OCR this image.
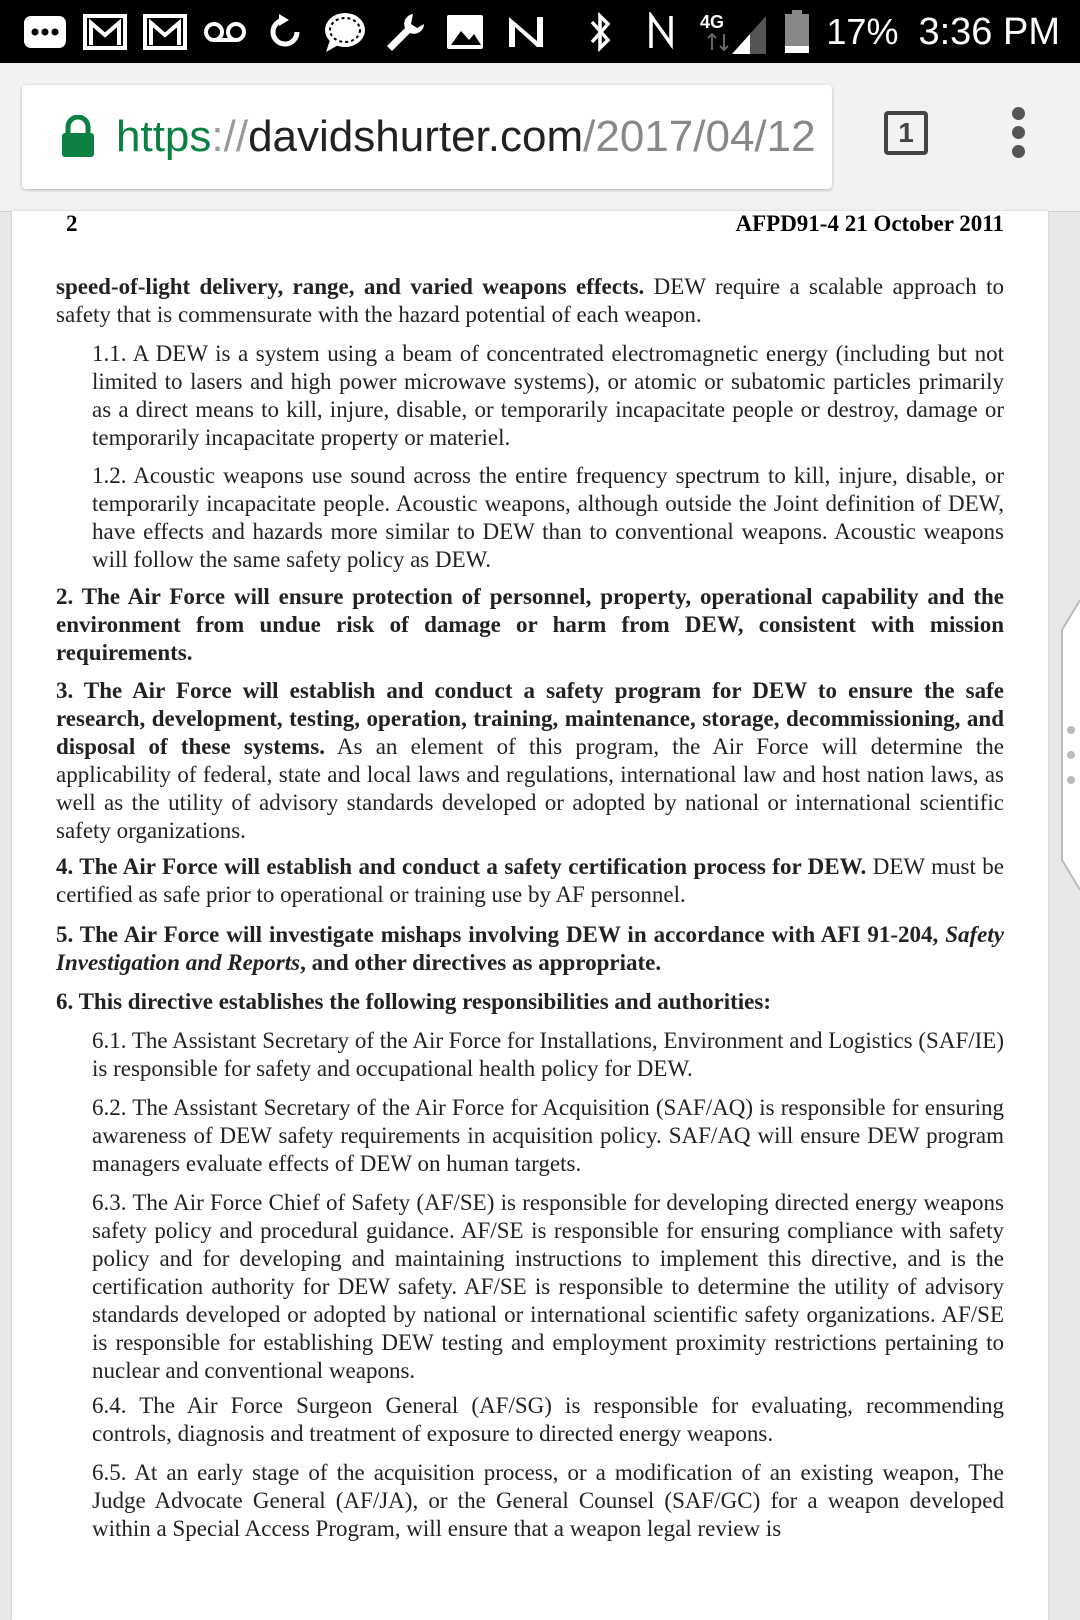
4G	17% 3:36 PM
https://davidshurter.com/2017/04/12	1
2	AFPD91-4 21 October 2011

speed-of-light delivery, range, and varied weapons effects. DEW require a scalable approach to safety that is commensurate with the hazard potential of each weapon.

1.1. A DEW is a system using a beam of concentrated electromagnetic energy (including but not limited to lasers and high power microwave systems), or atomic or subatomic particles primarily as a direct means to kill, injure, disable, or temporarily incapacitate people or destroy, damage or temporarily incapacitate property or materiel.

1.2. Acoustic weapons use sound across the entire frequency spectrum to kill, injure, disable, or temporarily incapacitate people. Acoustic weapons, although outside the Joint definition of DEW, have effects and hazards more similar to DEW than to conventional weapons. Acoustic weapons will follow the same safety policy as DEW.

2. The Air Force will ensure protection of personnel, property, operational capability and the environment from undue risk of damage or harm from DEW, consistent with mission requirements.

3. The Air Force will establish and conduct a safety program for DEW to ensure the safe research, development, testing, operation, training, maintenance, storage, decommissioning, and disposal of these systems. As an element of this program, the Air Force will determine the applicability of federal, state and local laws and regulations, international law and host nation laws, as well as the utility of advisory standards developed or adopted by national or international scientific safety organizations.

4. The Air Force will establish and conduct a safety certification process for DEW. DEW must be certified as safe prior to operational or training use by AF personnel.

5. The Air Force will investigate mishaps involving DEW in accordance with AFI 91-204, Safety Investigation and Reports, and other directives as appropriate.

6. This directive establishes the following responsibilities and authorities:

6.1. The Assistant Secretary of the Air Force for Installations, Environment and Logistics (SAF/IE) is responsible for safety and occupational health policy for DEW.

6.2. The Assistant Secretary of the Air Force for Acquisition (SAF/AQ) is responsible for ensuring awareness of DEW safety requirements in acquisition policy. SAF/AQ will ensure DEW program managers evaluate effects of DEW on human targets.

6.3. The Air Force Chief of Safety (AF/SE) is responsible for developing directed energy weapons safety policy and procedural guidance. AF/SE is responsible for ensuring compliance with safety policy and for developing and maintaining instructions to implement this directive, and is the certification authority for DEW safety. AF/SE is responsible to determine the utility of advisory standards developed or adopted by national or international scientific safety organizations. AF/SE is responsible for establishing DEW testing and employment proximity restrictions pertaining to nuclear and conventional weapons.

6.4. The Air Force Surgeon General (AF/SG) is responsible for evaluating, recommending controls, diagnosis and treatment of exposure to directed energy weapons.

6.5. At an early stage of the acquisition process, or a modification of an existing weapon, The Judge Advocate General (AF/JA), or the General Counsel (SAF/GC) for a weapon developed within a Special Access Program, will ensure that a weapon legal review is
